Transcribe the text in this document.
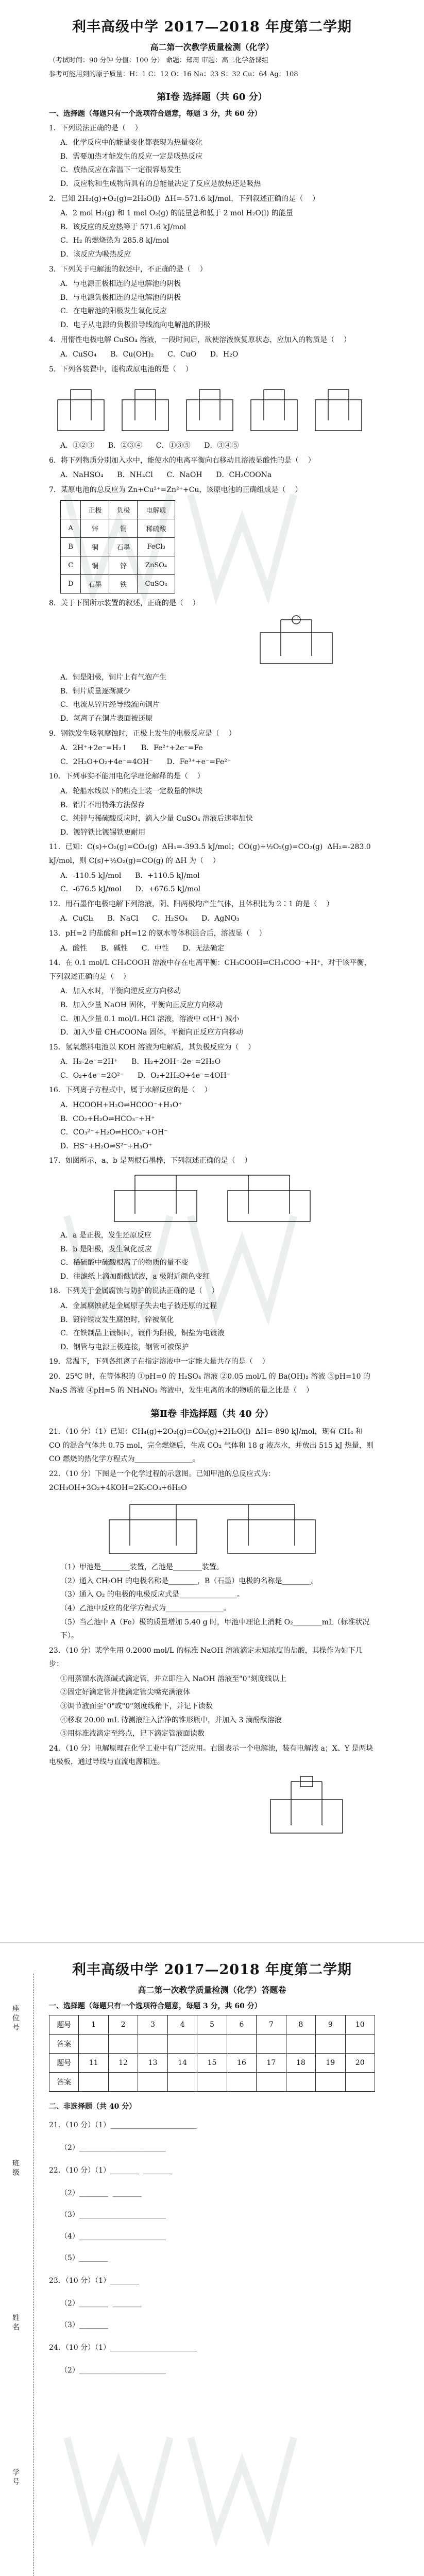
利丰高级中学 2017—2018 年度第二学期
高二第一次教学质量检测（化学）
（考试时间：90 分钟 分值：100 分） 命题：郑周 审题：高二化学备课组
参考可能用到的原子质量：H：1 C：12 O：16 Na：23 S：32 Cu：64 Ag：108
第Ⅰ卷 选择题（共 60 分）
一、选择题（每题只有一个选项符合题意，每题 3 分，共 60 分）
1．下列说法正确的是（    ）
A．化学反应中的能量变化都表现为热量变化
B．需要加热才能发生的反应一定是吸热反应
C．放热反应在常温下一定很容易发生
D．反应物和生成物所具有的总能量决定了反应是放热还是吸热
2．已知 2H₂(g)+O₂(g)=2H₂O(l)  ΔH=-571.6 kJ/mol，下列叙述正确的是（    ）
A．2 mol H₂(g) 和 1 mol O₂(g) 的能量总和低于 2 mol H₂O(l) 的能量
B．该反应的反应热等于 571.6 kJ/mol
C．H₂ 的燃烧热为 285.8 kJ/mol
D．该反应为吸热反应
3．下列关于电解池的叙述中，不正确的是（    ）
A．与电源正极相连的是电解池的阴极
B．与电源负极相连的是电解池的阴极
C．在电解池的阳极发生氧化反应
D．电子从电源的负极沿导线流向电解池的阴极
4．用惰性电极电解 CuSO₄ 溶液，一段时间后，欲使溶液恢复原状态，应加入的物质是（    ）
A．CuSO₄      B．Cu(OH)₂      C．CuO      D．H₂O
5．下列各装置中，能构成原电池的是（    ）
A．①②③      B．②③④      C．①③⑤      D．③④⑤
6．将下列物质分别加入水中，能使水的电离平衡向右移动且溶液显酸性的是（    ）
A．NaHSO₄      B．NH₄Cl      C．NaOH      D．CH₃COONa
7．某原电池的总反应为 Zn+Cu²⁺=Zn²⁺+Cu，该原电池的正确组成是（    ）
	正极	负极	电解质
A	锌	铜	稀硫酸
B	铜	石墨	FeCl₃
C	铜	锌	ZnSO₄
D	石墨	铁	CuSO₄
8．关于下图所示装置的叙述，正确的是（    ）
A．铜是阳极，铜片上有气泡产生
B．铜片质量逐渐减少
C．电流从锌片经导线流向铜片
D．氢离子在铜片表面被还原
9．钢铁发生吸氧腐蚀时，正极上发生的电极反应是（    ）
A．2H⁺+2e⁻=H₂↑      B．Fe²⁺+2e⁻=Fe
C．2H₂O+O₂+4e⁻=4OH⁻      D．Fe³⁺+e⁻=Fe²⁺
10．下列事实不能用电化学理论解释的是（    ）
A．轮船水线以下的船壳上装一定数量的锌块
B．铝片不用特殊方法保存
C．纯锌与稀硫酸反应时，滴入少量 CuSO₄ 溶液后速率加快
D．镀锌铁比镀锡铁更耐用
11．已知：C(s)+O₂(g)=CO₂(g)  ΔH₁=-393.5 kJ/mol；CO(g)+½O₂(g)=CO₂(g)  ΔH₂=-283.0 kJ/mol，则 C(s)+½O₂(g)=CO(g) 的 ΔH 为（    ）
A．-110.5 kJ/mol      B．+110.5 kJ/mol
C．-676.5 kJ/mol      D．+676.5 kJ/mol
12．用石墨作电极电解下列溶液，阴、阳两极均产生气体，且体积比为 2∶1 的是（    ）
A．CuCl₂      B．NaCl      C．H₂SO₄      D．AgNO₃
13．pH=2 的盐酸和 pH=12 的氨水等体积混合后，溶液显（    ）
A．酸性      B．碱性      C．中性      D．无法确定
14．在 0.1 mol/L CH₃COOH 溶液中存在电离平衡：CH₃COOH⇌CH₃COO⁻+H⁺，对于该平衡，下列叙述正确的是（    ）
A．加入水时，平衡向逆反应方向移动
B．加入少量 NaOH 固体，平衡向正反应方向移动
C．加入少量 0.1 mol/L HCl 溶液，溶液中 c(H⁺) 减小
D．加入少量 CH₃COONa 固体，平衡向正反应方向移动
15．氢氧燃料电池以 KOH 溶液为电解质，其负极反应为（    ）
A．H₂-2e⁻=2H⁺      B．H₂+2OH⁻-2e⁻=2H₂O
C．O₂+4e⁻=2O²⁻      D．O₂+2H₂O+4e⁻=4OH⁻
16．下列离子方程式中，属于水解反应的是（    ）
A．HCOOH+H₂O⇌HCOO⁻+H₃O⁺
B．CO₂+H₂O⇌HCO₃⁻+H⁺
C．CO₃²⁻+H₂O⇌HCO₃⁻+OH⁻
D．HS⁻+H₂O⇌S²⁻+H₃O⁺
17．如图所示，a、b 是两根石墨棒，下列叙述正确的是（    ）
A．a 是正极，发生还原反应
B．b 是阳极，发生氧化反应
C．稀硫酸中硫酸根离子的物质的量不变
D．往滤纸上滴加酚酞试液，a 极附近颜色变红
18．下列关于金属腐蚀与防护的说法正确的是（    ）
A．金属腐蚀就是金属原子失去电子被还原的过程
B．镀锌铁皮发生腐蚀时，锌被氧化
C．在铁制品上镀铜时，镀件为阳极，铜盐为电镀液
D．钢管与电源正极连接，钢管可被保护
19．常温下，下列各组离子在指定溶液中一定能大量共存的是（    ）
20．25℃ 时，在等体积的 ①pH=0 的 H₂SO₄ 溶液 ②0.05 mol/L 的 Ba(OH)₂ 溶液 ③pH=10 的 Na₂S 溶液 ④pH=5 的 NH₄NO₃ 溶液中，发生电离的水的物质的量之比是（    ）
第Ⅱ卷 非选择题（共 40 分）
21．（10 分）（1）已知：CH₄(g)+2O₂(g)=CO₂(g)+2H₂O(l)  ΔH=-890 kJ/mol，现有 CH₄ 和 CO 的混合气体共 0.75 mol，完全燃烧后，生成 CO₂ 气体和 18 g 液态水，并放出 515 kJ 热量，则 CO 燃烧的热化学方程式为________________。
22．（10 分）下图是一个化学过程的示意图。已知甲池的总反应式为：2CH₃OH+3O₂+4KOH=2K₂CO₃+6H₂O
（1）甲池是________装置，乙池是________装置。
（2）通入 CH₃OH 的电极名称是________，B（石墨）电极的名称是________。
（3）通入 O₂ 的电极的电极反应式是________________。
（4）乙池中反应的化学方程式为________________。
（5）当乙池中 A（Fe）极的质量增加 5.40 g 时，甲池中理论上消耗 O₂________mL（标准状况下）。
23．（10 分）某学生用 0.2000 mol/L 的标准 NaOH 溶液滴定未知浓度的盐酸，其操作为如下几步：
①用蒸馏水洗涤碱式滴定管，并立即注入 NaOH 溶液至"0"刻度线以上
②固定好滴定管并使滴定管尖嘴充满液体
③调节液面至"0"或"0"刻度线稍下，并记下读数
④移取 20.00 mL 待测液注入洁净的锥形瓶中，并加入 3 滴酚酞溶液
⑤用标准液滴定至终点，记下滴定管液面读数
24．（10 分）电解原理在化学工业中有广泛应用。右图表示一个电解池，装有电解液 a；X、Y 是两块电极板，通过导线与直流电源相连。
座位号
班级
姓名
学号
利丰高级中学 2017—2018 年度第二学期
高二第一次教学质量检测（化学）答题卷
一、选择题（每题只有一个选项符合题意，每题 3 分，共 60 分）
题号	1	2	3	4	5	6	7	8	9	10
答案										
题号	11	12	13	14	15	16	17	18	19	20
答案										
二、非选择题（共 40 分）
21．（10 分）（1）________________________
（2）________________________
22．（10 分）（1）________  ________
（2）________  ________
（3）________________________
（4）________________________
（5）________
23．（10 分）（1）________
（2）________  ________
（3）________
24．（10 分）（1）________________________
（2）________________________
